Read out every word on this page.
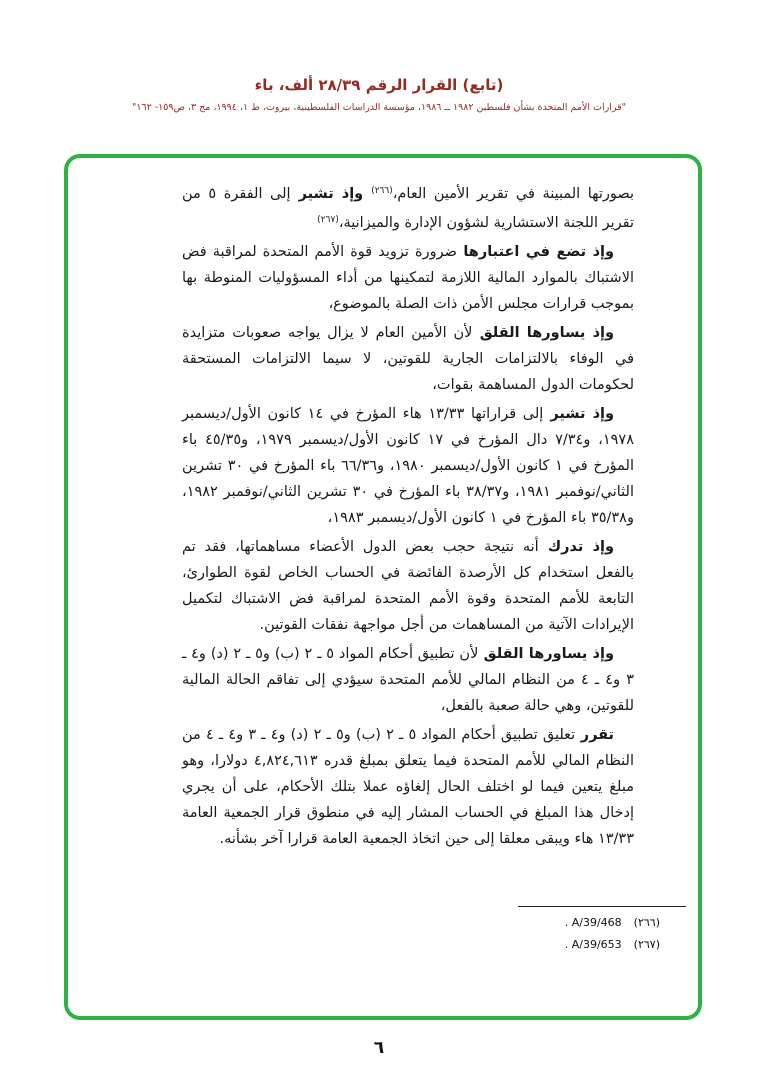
(تابع) القرار الرقم ٢٨/٣٩ ألف، باء
"قرارات الأمم المتحدة بشأن فلسطين ١٩٨٢ ــ ١٩٨٦، مؤسسة الدراسات الفلسطينية، بيروت، ط ١، ١٩٩٤، مج ٣، ص١٥٩- ١٦٢"

بصورتها المبينة في تقرير الأمين العام،$^{(٢٦٦)}$ وإذ تشير إلى الفقرة ٥ من تقرير اللجنة الاستشارية لشؤون الإدارة والميزانية،$^{(٢٦٧)}$

وإذ تضع في اعتبارها ضرورة تزويد قوة الأمم المتحدة لمراقبة فض الاشتباك بالموارد المالية اللازمة لتمكينها من أداء المسؤوليات المنوطة بها بموجب قرارات مجلس الأمن ذات الصلة بالموضوع،

وإذ يساورها القلق لأن الأمين العام لا يزال يواجه صعوبات متزايدة في الوفاء بالالتزامات الجارية للقوتين، لا سيما الالتزامات المستحقة لحكومات الدول المساهمة بقوات،

وإذ تشير إلى قراراتها ١٣/٣٣ هاء المؤرخ في ١٤ كانون الأول/ديسمبر ١٩٧٨، و٧/٣٤ دال المؤرخ في ١٧ كانون الأول/ديسمبر ١٩٧٩، و٤٥/٣٥ باء المؤرخ في ١ كانون الأول/ديسمبر ١٩٨٠، و٦٦/٣٦ باء المؤرخ في ٣٠ تشرين الثاني/نوفمبر ١٩٨١، و٣٨/٣٧ باء المؤرخ في ٣٠ تشرين الثاني/نوفمبر ١٩٨٢، و٣٥/٣٨ باء المؤرخ في ١ كانون الأول/ديسمبر ١٩٨٣،

وإذ تدرك أنه نتيجة حجب بعض الدول الأعضاء مساهماتها، فقد تم بالفعل استخدام كل الأرصدة الفائضة في الحساب الخاص لقوة الطوارئ، التابعة للأمم المتحدة وقوة الأمم المتحدة لمراقبة فض الاشتباك لتكميل الإيرادات الآتية من المساهمات من أجل مواجهة نفقات القوتين.

وإذ يساورها القلق لأن تطبيق أحكام المواد ٥ ـ ٢ (ب) و٥ ـ ٢ (د) و٤ ـ ٣ و٤ ـ ٤ من النظام المالي للأمم المتحدة سيؤدي إلى تفاقم الحالة المالية للقوتين، وهي حالة صعبة بالفعل،

تقرر تعليق تطبيق أحكام المواد ٥ ـ ٢ (ب) و٥ ـ ٢ (د) و٤ ـ ٣ و٤ ـ ٤ من النظام المالي للأمم المتحدة فيما يتعلق بمبلغ قدره ٤,٨٢٤,٦١٣ دولارا، وهو مبلغ يتعين فيما لو اختلف الحال إلغاؤه عملا بتلك الأحكام، على أن يجري إدخال هذا المبلغ في الحساب المشار إليه في منطوق قرار الجمعية العامة ١٣/٣٣ هاء ويبقى معلقا إلى حين اتخاذ الجمعية العامة قرارا آخر بشأنه.

(٢٦٦)
A/39/468 .
(٢٦٧)
A/39/653 .
٦
